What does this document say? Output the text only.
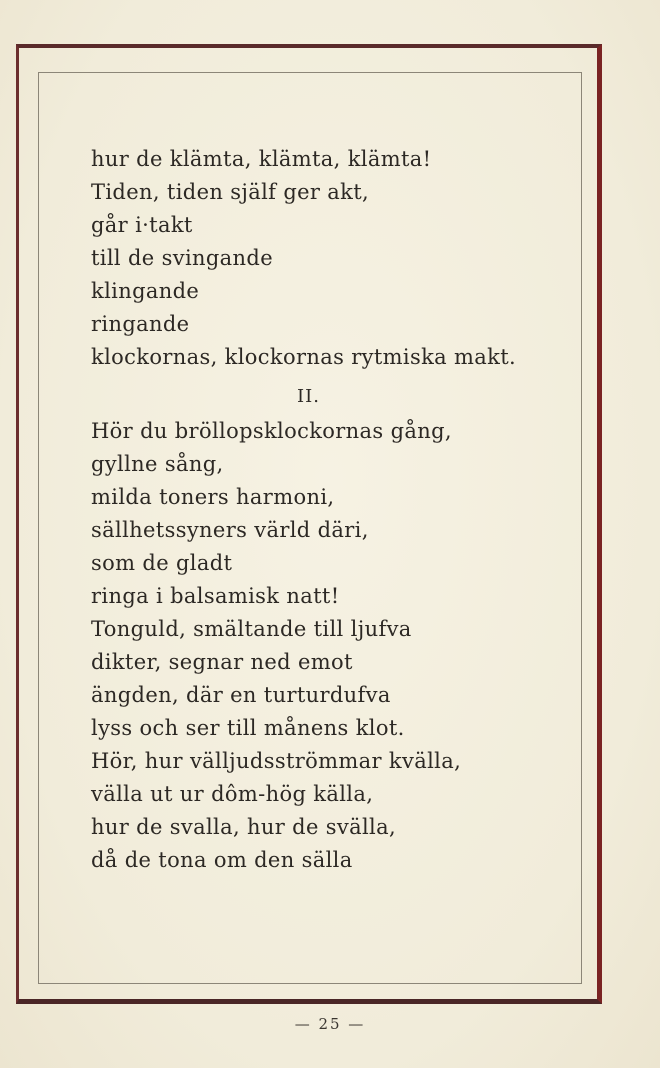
hur de klämta, klämta, klämta!
Tiden, tiden själf ger akt,
går i·takt
till de svingande
klingande
ringande
klockornas, klockornas rytmiska makt.
II.
Hör du bröllopsklockornas gång,
gyllne sång,
milda toners harmoni,
sällhetssyners värld däri,
som de gladt
ringa i balsamisk natt!
Tonguld, smältande till ljufva
dikter, segnar ned emot
ängden, där en turturdufva
lyss och ser till månens klot.
Hör, hur välljudsströmmar kvälla,
välla ut ur dôm-hög källa,
hur de svalla, hur de svälla,
då de tona om den sälla
— 25 —
